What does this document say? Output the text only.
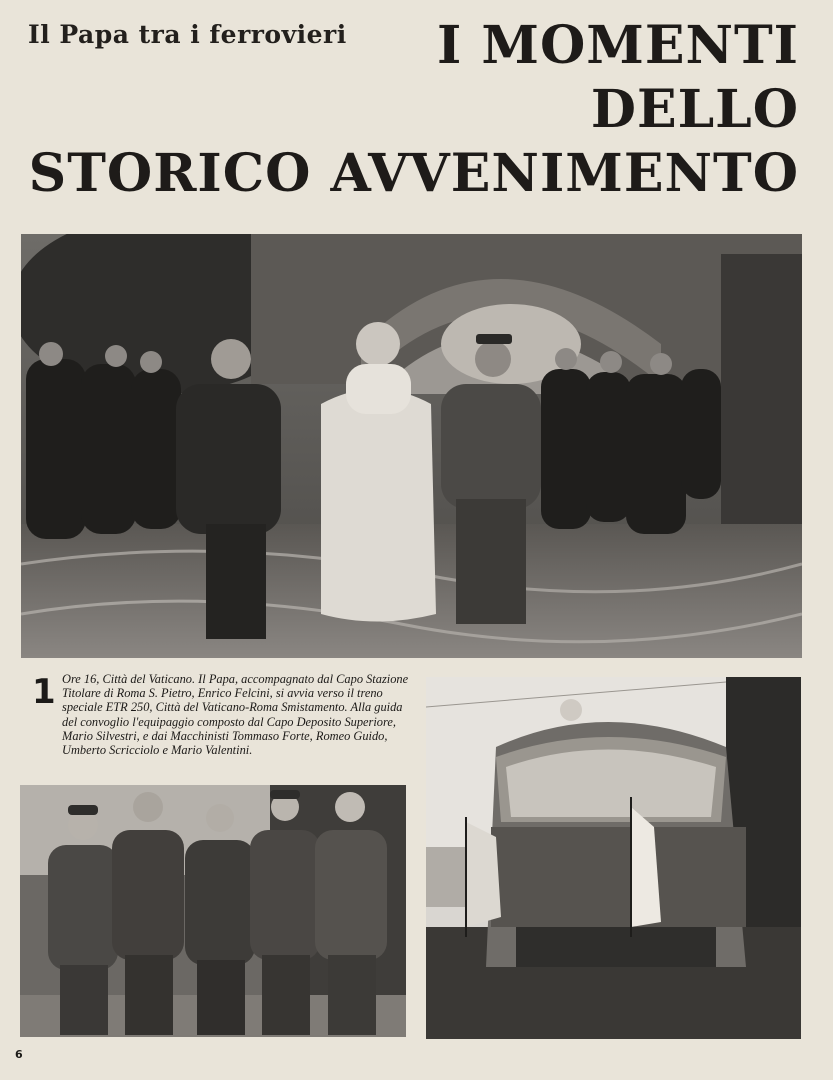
Il Papa tra i ferrovieri	I MOMENTI
DELLO
STORICO AVVENIMENTO
1 Ore 16, Città del Vaticano. Il Papa, accompagnato dal Capo Stazione Titolare di Roma S. Pietro, Enrico Felcini, si avvia verso il treno speciale ETR 250, Città del Vaticano-Roma Smistamento. Alla guida del convoglio l'equipaggio composto dal Capo Deposito Superiore, Mario Silvestri, e dai Macchinisti Tommaso Forte, Romeo Guido, Umberto Scricciolo e Mario Valentini.

6
